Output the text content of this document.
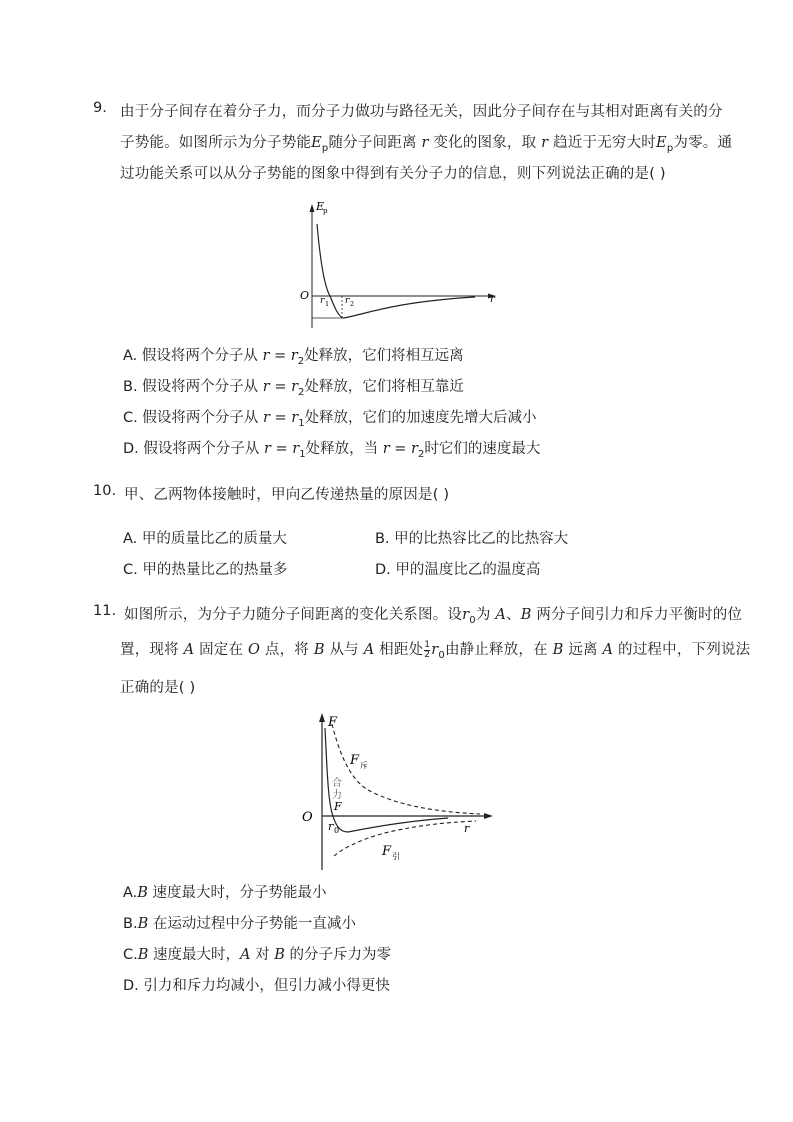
9. 由于分子间存在着分子力，而分子力做功与路径无关，因此分子间存在与其相对距离有关的分
子势能。如图所示为分子势能$E_p$随分子间距离 r 变化的图象，取 r 趋近于无穷大时$E_p$为零。通
过功能关系可以从分子势能的图象中得到有关分子力的信息，则下列说法正确的是( )
E
p
O	r
r 1 r 2
A. 假设将两个分子从 $r = r_2$处释放，它们将相互远离
B. 假设将两个分子从 $r = r_2$处释放，它们将相互靠近
C. 假设将两个分子从 $r = r_1$处释放，它们的加速度先增大后减小
D. 假设将两个分子从 $r = r_1$处释放，当 $r = r_2$时它们的速度最大
10. 甲、乙两物体接触时，甲向乙传递热量的原因是( )
A. 甲的质量比乙的质量大	B. 甲的比热容比乙的比热容大
C. 甲的热量比乙的热量多	D. 甲的温度比乙的温度高
11. 如图所示，为分子力随分子间距离的变化关系图。设$r_0$为 A、B 两分子间引力和斥力平衡时的位
置，现将 A 固定在 O 点，将 B 从与 A 相距处 $\frac{1}{2} r_0$由静止释放，在 B 远离 A 的过程中，下列说法
正确的是( )
F
O
r
r 0
F 斥
F 引
合
力
F
A.B 速度最大时，分子势能最小
B.B 在运动过程中分子势能一直减小
C.B 速度最大时，A 对 B 的分子斥力为零
D. 引力和斥力均减小，但引力减小得更快
